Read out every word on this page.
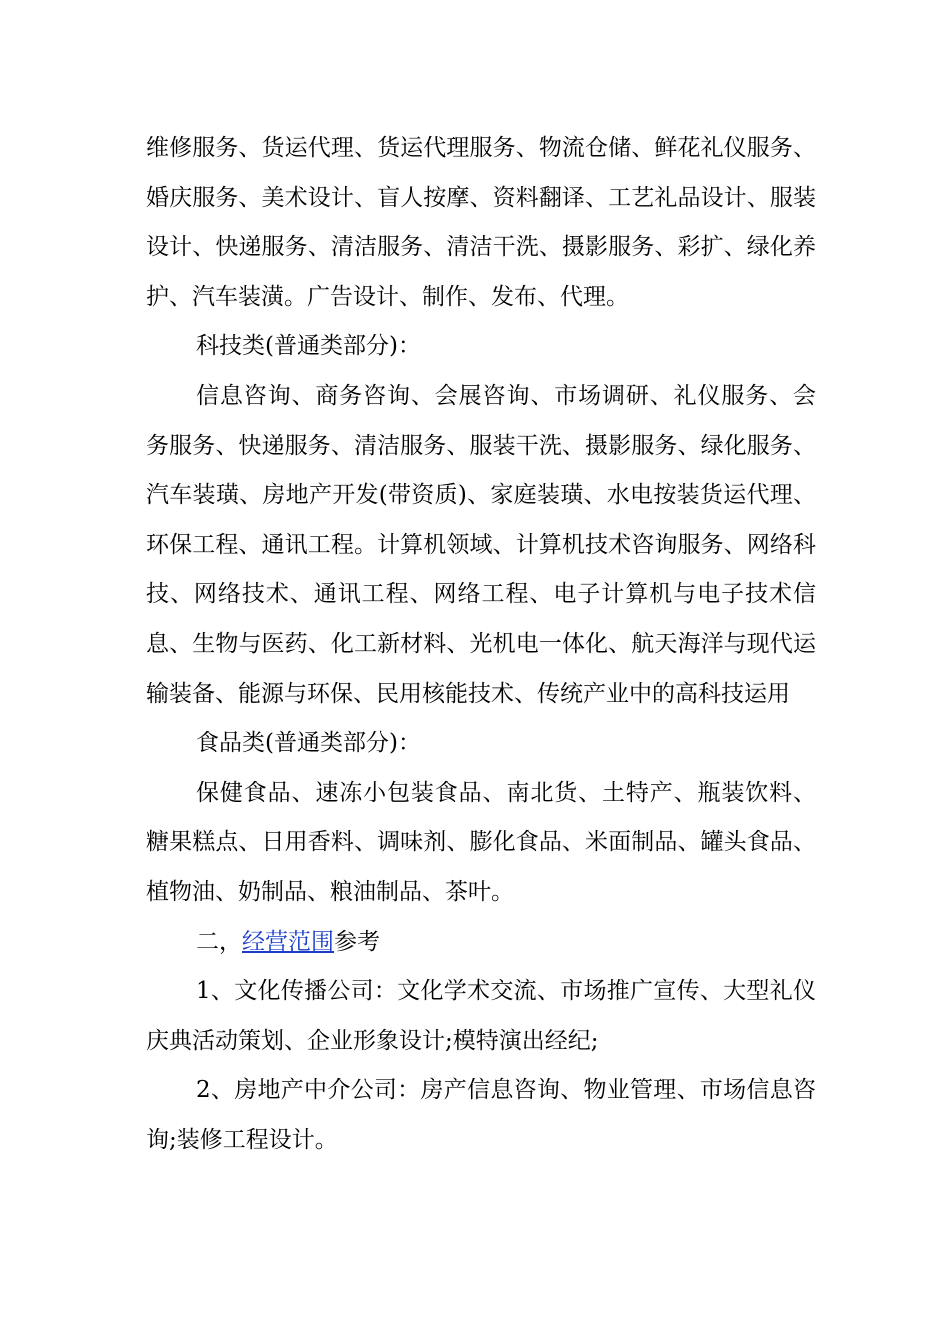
维修服务、货运代理、货运代理服务、物流仓储、鲜花礼仪服务、婚庆服务、美术设计、盲人按摩、资料翻译、工艺礼品设计、服装设计、快递服务、清洁服务、清洁干洗、摄影服务、彩扩、绿化养护、汽车装潢。广告设计、制作、发布、代理。

科技类(普通类部分)：

信息咨询、商务咨询、会展咨询、市场调研、礼仪服务、会务服务、快递服务、清洁服务、服装干洗、摄影服务、绿化服务、汽车装璜、房地产开发(带资质)、家庭装璜、水电按装货运代理、环保工程、通讯工程。计算机领域、计算机技术咨询服务、网络科技、网络技术、通讯工程、网络工程、电子计算机与电子技术信息、生物与医药、化工新材料、光机电一体化、航天海洋与现代运输装备、能源与环保、民用核能技术、传统产业中的高科技运用

食品类(普通类部分)：

保健食品、速冻小包装食品、南北货、土特产、瓶装饮料、糖果糕点、日用香料、调味剂、膨化食品、米面制品、罐头食品、植物油、奶制品、粮油制品、茶叶。

二，经营范围参考

1、文化传播公司：文化学术交流、市场推广宣传、大型礼仪庆典活动策划、企业形象设计;模特演出经纪;

2、房地产中介公司：房产信息咨询、物业管理、市场信息咨询;装修工程设计。
